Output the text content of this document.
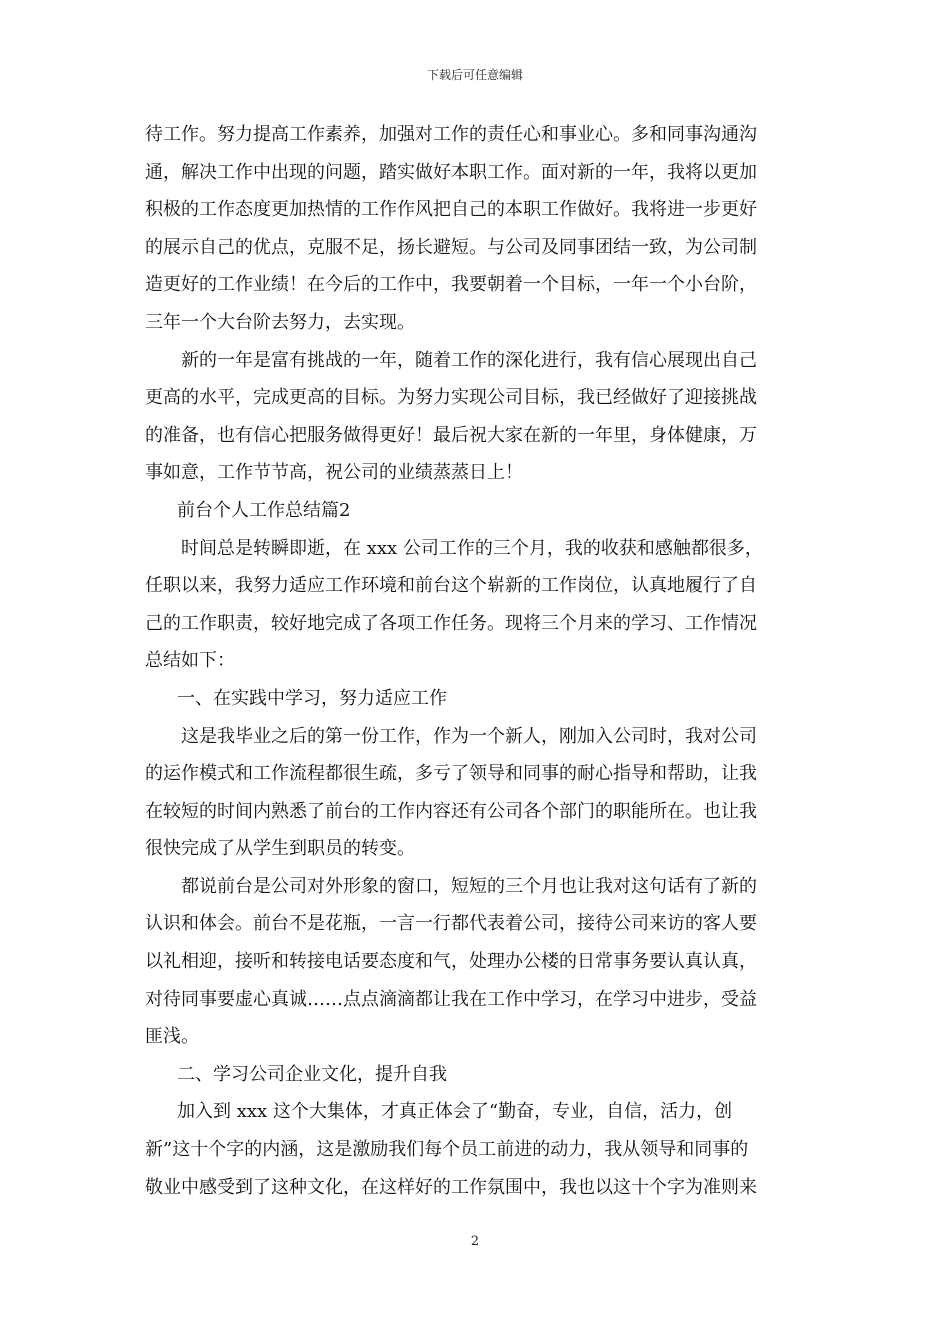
下载后可任意编辑
待工作。努力提高工作素养，加强对工作的责任心和事业心。多和同事沟通沟
通，解决工作中出现的问题，踏实做好本职工作。面对新的一年，我将以更加
积极的工作态度更加热情的工作作风把自己的本职工作做好。我将进一步更好
的展示自己的优点，克服不足，扬长避短。与公司及同事团结一致，为公司制
造更好的工作业绩！在今后的工作中，我要朝着一个目标，一年一个小台阶，
三年一个大台阶去努力，去实现。
新的一年是富有挑战的一年，随着工作的深化进行，我有信心展现出自己
更高的水平，完成更高的目标。为努力实现公司目标，我已经做好了迎接挑战
的准备，也有信心把服务做得更好！最后祝大家在新的一年里，身体健康，万
事如意，工作节节高，祝公司的业绩蒸蒸日上！
前台个人工作总结篇2
时间总是转瞬即逝，在 xxx 公司工作的三个月，我的收获和感触都很多，
任职以来，我努力适应工作环境和前台这个崭新的工作岗位，认真地履行了自
己的工作职责，较好地完成了各项工作任务。现将三个月来的学习、工作情况
总结如下：
一、在实践中学习，努力适应工作
这是我毕业之后的第一份工作，作为一个新人，刚加入公司时，我对公司
的运作模式和工作流程都很生疏，多亏了领导和同事的耐心指导和帮助，让我
在较短的时间内熟悉了前台的工作内容还有公司各个部门的职能所在。也让我
很快完成了从学生到职员的转变。
都说前台是公司对外形象的窗口，短短的三个月也让我对这句话有了新的
认识和体会。前台不是花瓶，一言一行都代表着公司，接待公司来访的客人要
以礼相迎，接听和转接电话要态度和气，处理办公楼的日常事务要认真认真，
对待同事要虚心真诚……点点滴滴都让我在工作中学习，在学习中进步，受益
匪浅。
二、学习公司企业文化，提升自我
加入到 xxx 这个大集体，才真正体会了“勤奋，专业，自信，活力，创
新”这十个字的内涵，这是激励我们每个员工前进的动力，我从领导和同事的
敬业中感受到了这种文化，在这样好的工作氛围中，我也以这十个字为准则来
2
